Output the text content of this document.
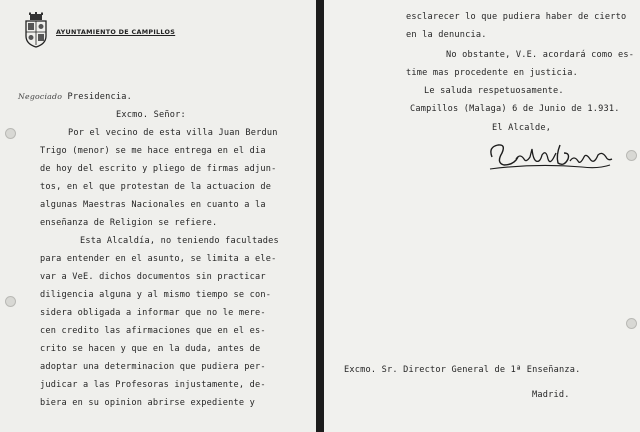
AYUNTAMIENTO DE CAMPILLOS
Negociado Presidencia.
Excmo. Señor:
Por el vecino de esta villa Juan Berdun
Trigo (menor) se me hace entrega en el dia
de hoy del escrito y pliego de firmas adjun-
tos, en el que protestan de la actuacion de
algunas Maestras Nacionales en cuanto a la
enseñanza de Religion se refiere.
Esta Alcaldía, no teniendo facultades
para entender en el asunto, se limita a ele-
var a VeE. dichos documentos sin practicar
diligencia alguna y al mismo tiempo se con-
sidera obligada a informar que no le mere-
cen credito las afirmaciones que en el es-
crito se hacen y que en la duda, antes de
adoptar una determinacion que pudiera per-
judicar a las Profesoras injustamente, de-
biera en su opinion abrirse expediente y
esclarecer lo que pudiera haber de cierto
en la denuncia.
No obstante, V.E. acordará como es-
time mas procedente en justicia.
Le saluda respetuosamente.
Campillos (Malaga) 6 de Junio de 1.931.
El Alcalde,
Excmo. Sr. Director General de 1ª Enseñanza.
Madrid.
